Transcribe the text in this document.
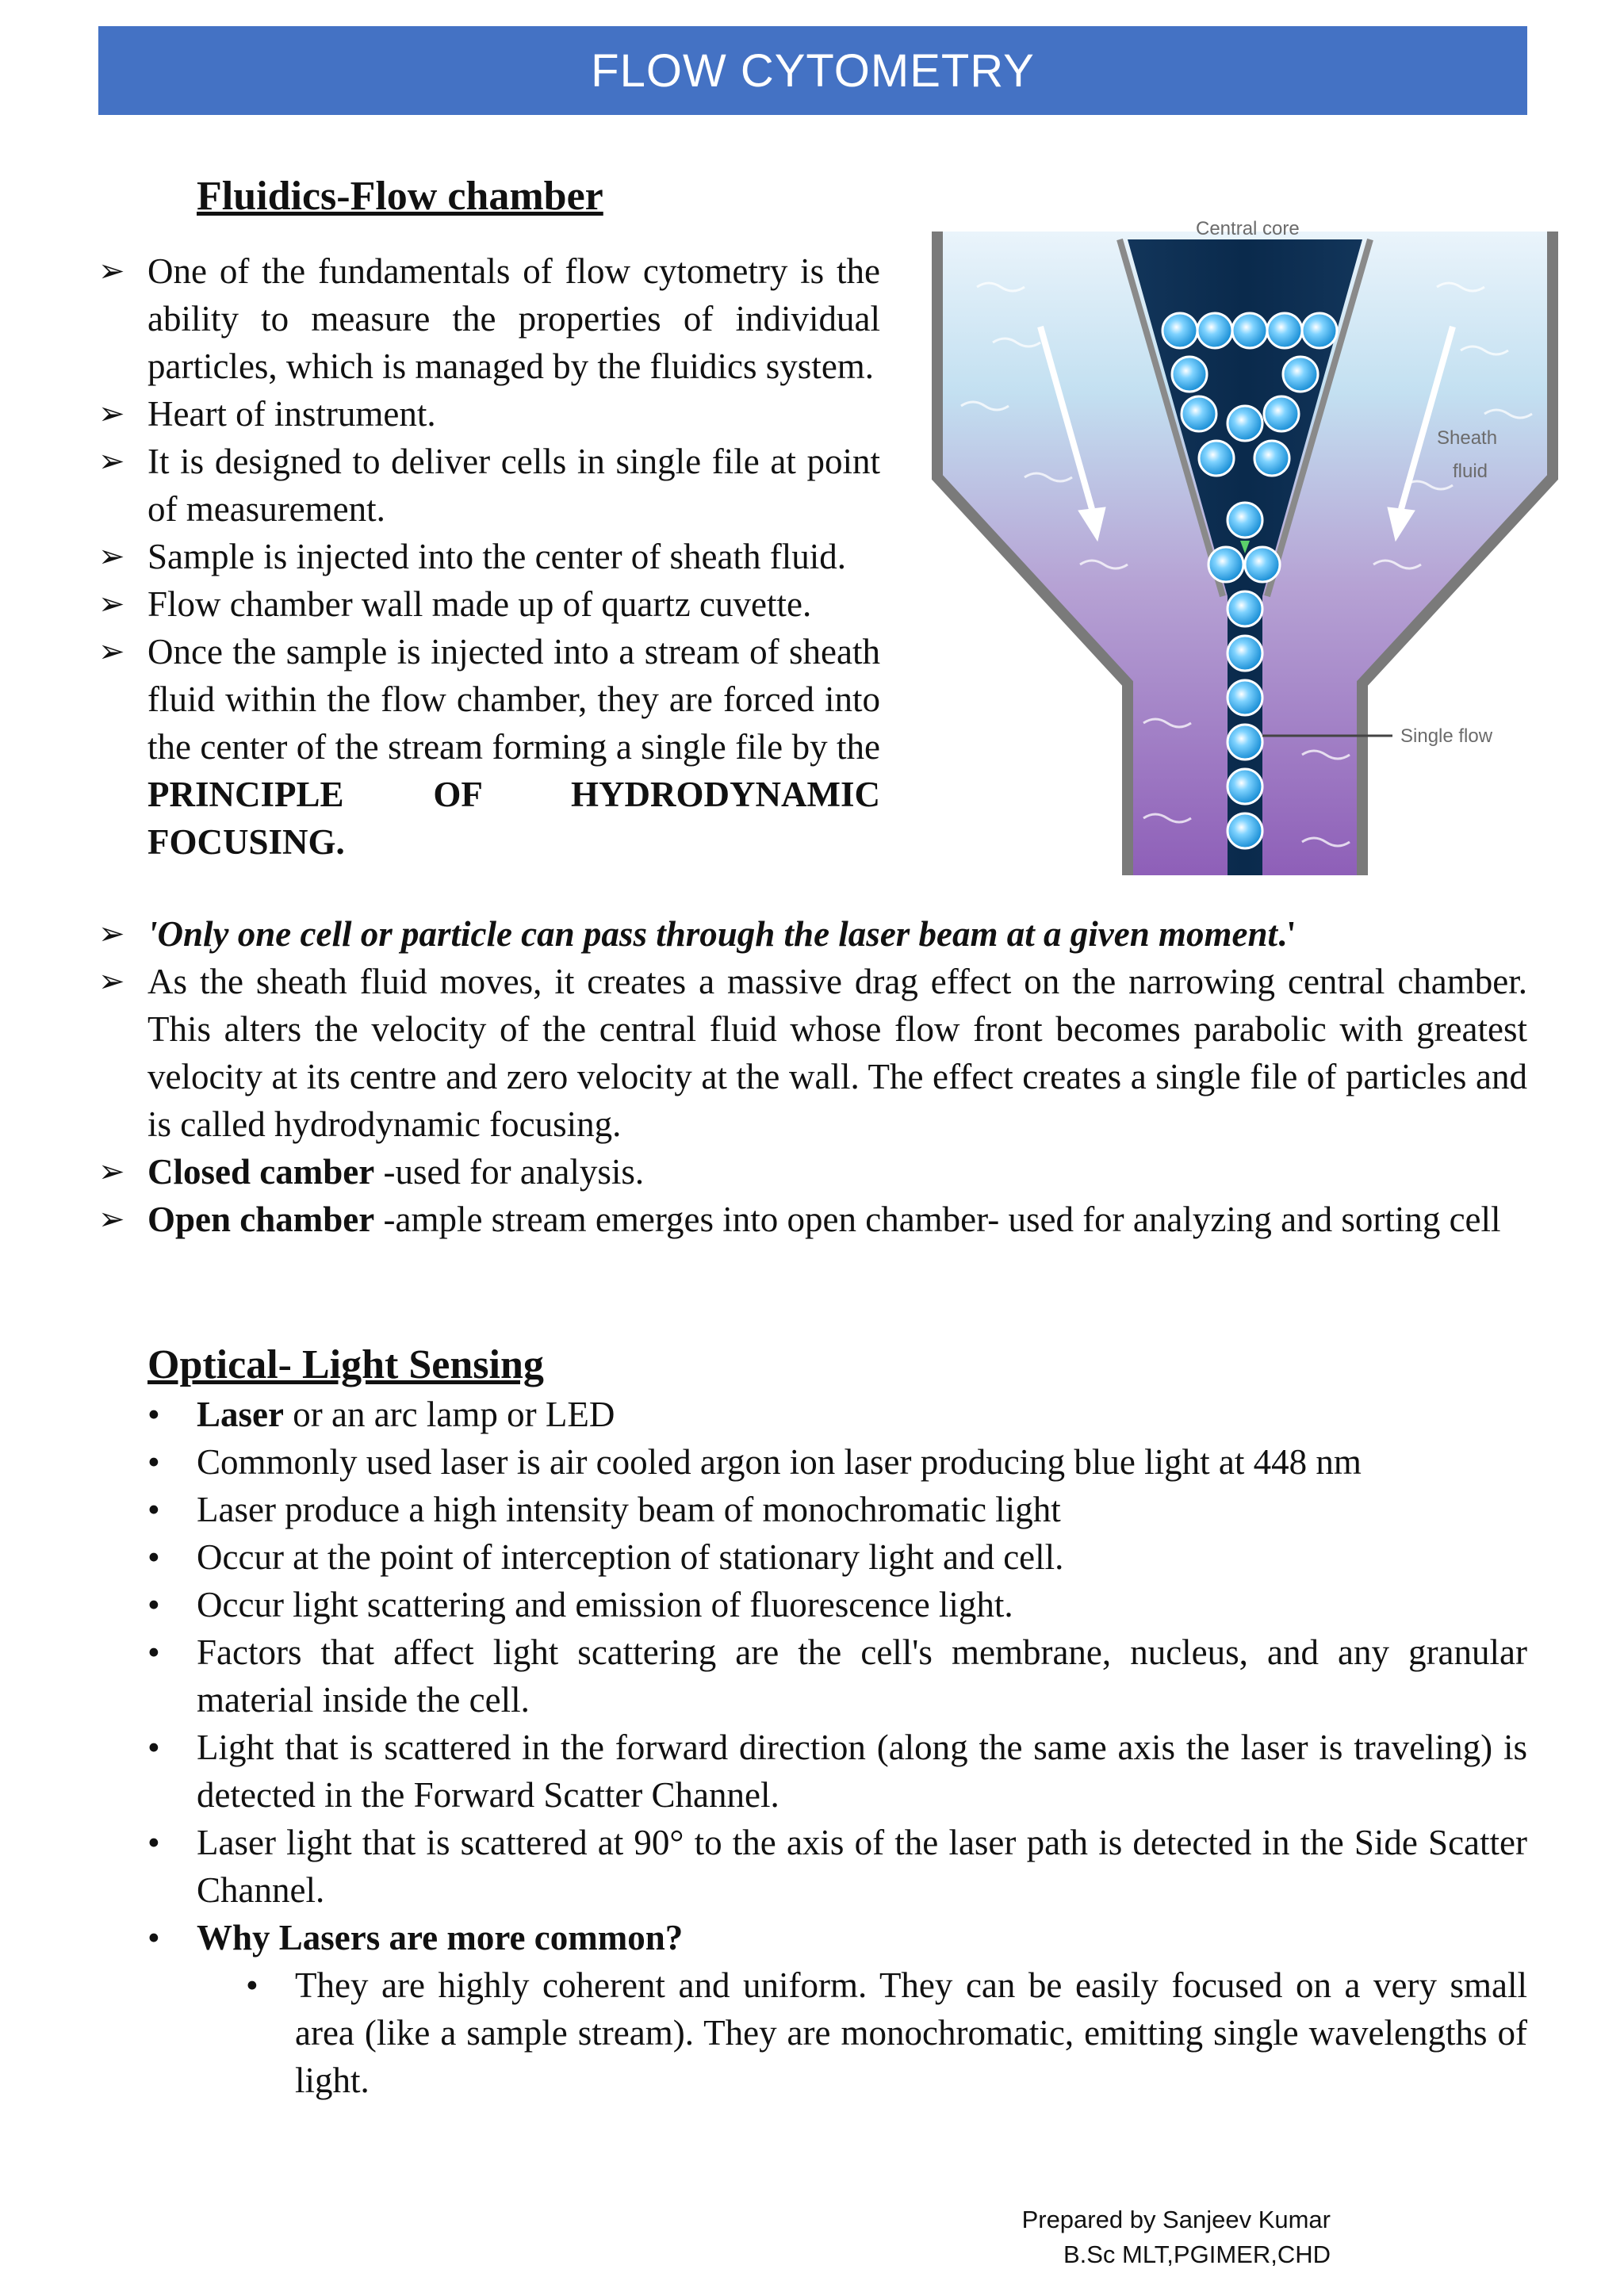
FLOW CYTOMETRY
Fluidics-Flow chamber
➢ One of the fundamentals of flow cytometry is the ability to measure the properties of individual particles, which is managed by the fluidics system.
➢ Heart of instrument.
➢ It is designed to deliver cells in single file at point of measurement.
➢ Sample is injected into the center of sheath fluid.
➢ Flow chamber wall made up of quartz cuvette.
➢ Once the sample is injected into a stream of sheath fluid within the flow chamber, they are forced into the center of the stream forming a single file by the PRINCIPLE OF HYDRODYNAMIC FOCUSING.
➢ 'Only one cell or particle can pass through the laser beam at a given moment.'
➢ As the sheath fluid moves, it creates a massive drag effect on the narrowing central chamber. This alters the velocity of the central fluid whose flow front becomes parabolic with greatest velocity at its centre and zero velocity at the wall. The effect creates a single file of particles and is called hydrodynamic focusing.
➢ Closed camber -used for analysis.
➢ Open chamber -ample stream emerges into open chamber- used for analyzing and sorting cell
Central core
Sheath
fluid
Single flow
Optical- Light Sensing
• Laser or an arc lamp or LED
• Commonly used laser is air cooled argon ion laser producing blue light at 448 nm
• Laser produce a high intensity beam of monochromatic light
• Occur at the point of interception of stationary light and cell.
• Occur light scattering and emission of fluorescence light.
• Factors that affect light scattering are the cell's membrane, nucleus, and any granular material inside the cell.
• Light that is scattered in the forward direction (along the same axis the laser is traveling) is detected in the Forward Scatter Channel.
• Laser light that is scattered at 90° to the axis of the laser path is detected in the Side Scatter Channel.
• Why Lasers are more common?
• They are highly coherent and uniform. They can be easily focused on a very small area (like a sample stream). They are monochromatic, emitting single wavelengths of light.
Prepared by Sanjeev Kumar
B.Sc MLT,PGIMER,CHD
